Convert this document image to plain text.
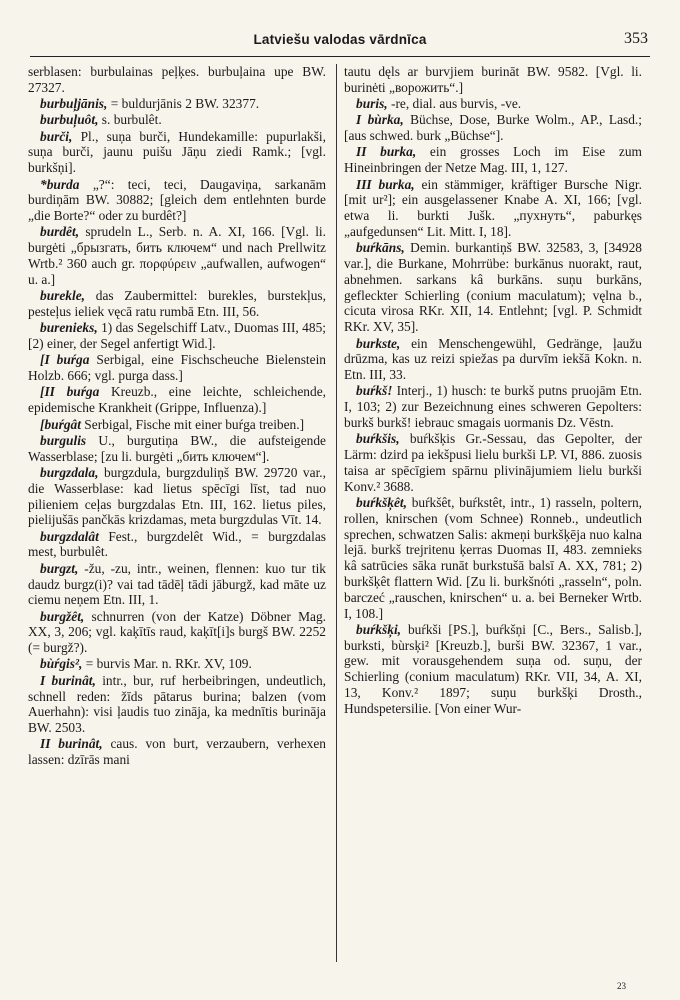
Latviešu valodas vārdnīca	353

serblasen: burbulainas peļķes. burbuļaina upe BW. 27327.

burbuļjānis, = buldurjānis 2 BW. 32377.

burbuļuôt, s. burbulêt.

burči, Pl., suņa burči, Hundekamille: pupurlakši, suņa burči, jaunu puišu Jāņu ziedi Ramk.; [vgl. burkšņi].

*burda „?“: teci, teci, Daugaviņa, sarkanām burdiņām BW. 30882; [gleich dem entlehnten burde „die Borte?“ oder zu burdêt?]

burdêt, sprudeln L., Serb. n. A. XI, 166. [Vgl. li. burgėti „брызгать, бить ключем“ und nach Prellwitz Wrtb.² 360 auch gr. πορφύρειν „aufwallen, aufwogen“ u. a.]

burekle, das Zaubermittel: burekles, burstekļus, pesteļus ieliek vęcā ratu rumbā Etn. III, 56.

burenieks, 1) das Segelschiff Latv., Duomas III, 485; [2) einer, der Segel anfertigt Wid.].

[I buŕga Serbigal, eine Fischscheuche Bielenstein Holzb. 666; vgl. purga dass.]

[II buŕga Kreuzb., eine leichte, schleichende, epidemische Krankheit (Grippe, Influenza).]

[buŕgât Serbigal, Fische mit einer buŕga treiben.]

burgulis U., burgutiņa BW., die aufsteigende Wasserblase; [zu li. burgėti „бить ключем“].

burgzdala, burgzdula, burgzduliņš BW. 29720 var., die Wasserblase: kad lietus spēcīgi līst, tad nuo pilieniem ceļas burgzdalas Etn. III, 162. lietus piles, pielijušās pančkās krizdamas, meta burgzdulas Vīt. 14.

burgzdalât Fest., burgzdelêt Wid., = burgzdalas mest, burbulêt.

burgzt, -žu, -zu, intr., weinen, flennen: kuo tur tik daudz burgz(i)? vai tad tādēļ tādi jāburgž, kad māte uz ciemu neņem Etn. III, 1.

burgžêt, schnurren (von der Katze) Döbner Mag. XX, 3, 206; vgl. kaķītīs raud, kaķīt[i]s burgš BW. 2252 (= burgž?).

bùŕgis², = burvis Mar. n. RKr. XV, 109.

I burinât, intr., bur, ruf herbeibringen, undeutlich, schnell reden: žīds pātarus burina; balzen (vom Auerhahn): visi ļaudis tuo zināja, ka mednītis burināja BW. 2503.

II burinât, caus. von burt, verzaubern, verhexen lassen: dzīrās mani

tautu dęls ar burvjiem burināt BW. 9582. [Vgl. li. burinėti „ворожить“.]

buris, -re, dial. aus burvis, -ve.

I bùrka, Büchse, Dose, Burke Wolm., AP., Lasd.; [aus schwed. burk „Büchse“].

II burka, ein grosses Loch im Eise zum Hineinbringen der Netze Mag. III, 1, 127.

III burka, ein stämmiger, kräftiger Bursche Nigr. [mit ur²]; ein ausgelassener Knabe A. XI, 166; [vgl. etwa li. burkti Jušk. „пухнуть“, paburkęs „aufgedunsen“ Lit. Mitt. I, 18].

buŕkāns, Demin. burkantiņš BW. 32583, 3, [34928 var.], die Burkane, Mohrrübe: burkānus nuorakt, raut, abnehmen. sarkans kâ burkāns. suņu burkāns, gefleckter Schierling (conium maculatum); vęlna b., cicuta virosa RKr. XII, 14. Entlehnt; [vgl. P. Schmidt RKr. XV, 35].

burkste, ein Menschengewühl, Gedränge, ļaužu drūzma, kas uz reizi spiežas pa durvīm iekšā Kokn. n. Etn. III, 33.

buŕkš! Interj., 1) husch: te burkš putns pruojām Etn. I, 103; 2) zur Bezeichnung eines schweren Gepolters: burkš burkš! iebrauc smagais uormanis Dz. Vēstn.

buŕkšis, buŕkšķis Gr.-Sessau, das Gepolter, der Lärm: dzird pa iekšpusi lielu burkši LP. VI, 886. zuosis taisa ar spēcīgiem spārnu plivinājumiem lielu burkši Konv.² 3688.

buŕkšķêt, buŕkšêt, buŕkstêt, intr., 1) rasseln, poltern, rollen, knirschen (vom Schnee) Ronneb., undeutlich sprechen, schwatzen Salis: akmeņi burkšķēja nuo kalna lejā. burkš trejritenu ķerras Duomas II, 483. zemnieks kâ satrūcies sāka runāt burkstušā balsī A. XX, 781; 2) burkšķêt flattern Wid. [Zu li. burkšnóti „rasseln“, poln. barczeć „rauschen, knirschen“ u. a. bei Berneker Wrtb. I, 108.]

buŕkšķi, buŕkši [PS.], buŕkšņi [C., Bers., Salisb.], burksti, bùrsķi² [Kreuzb.], burši BW. 32367, 1 var., gew. mit vorausgehendem suņa od. suņu, der Schierling (conium maculatum) RKr. VII, 34, A. XI, 13, Konv.² 1897; suņu burkšķi Drosth., Hundspetersilie. [Von einer Wur-

23
